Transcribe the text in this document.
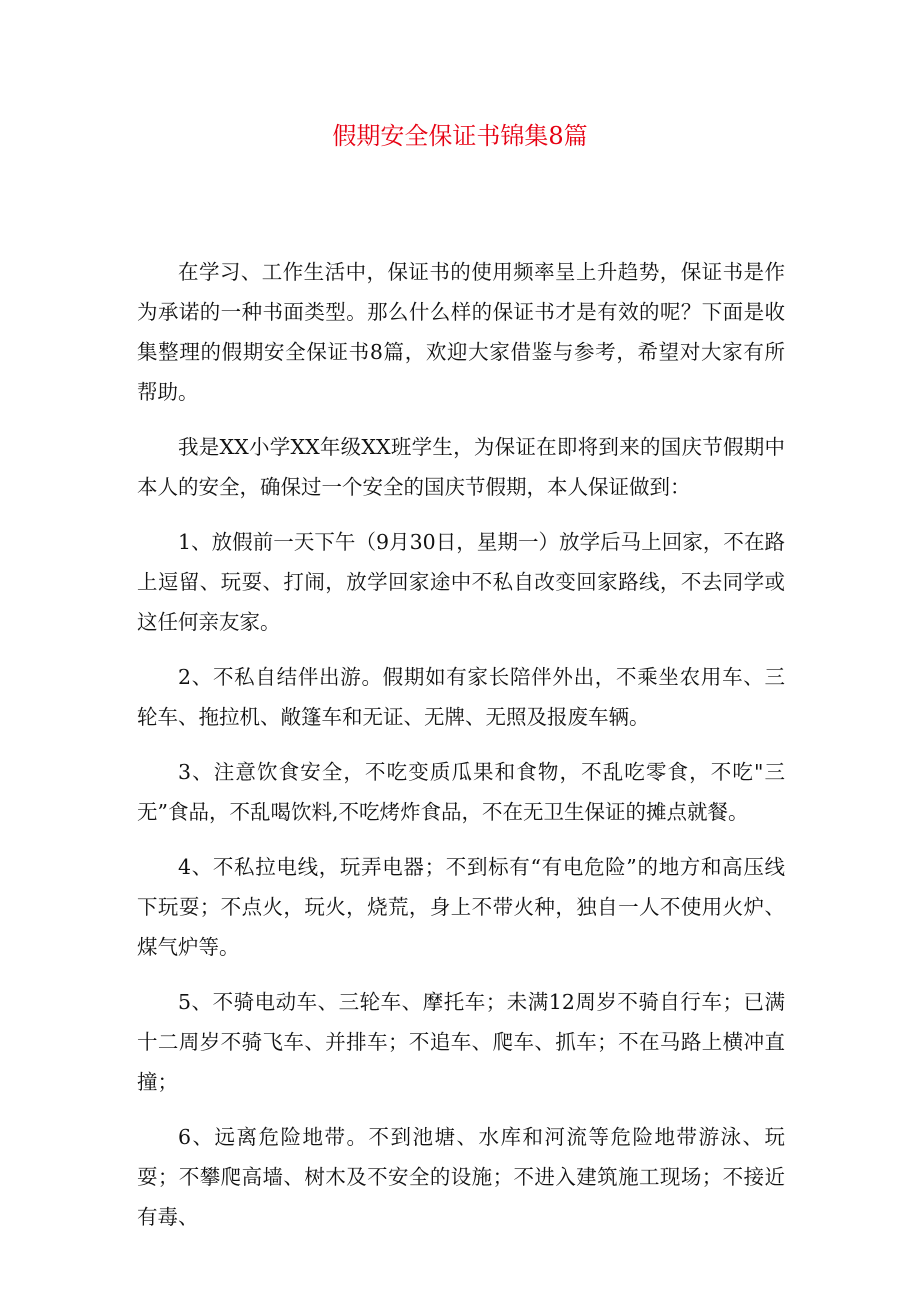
假期安全保证书锦集8篇

在学习、工作生活中，保证书的使用频率呈上升趋势，保证书是作为承诺的一种书面类型。那么什么样的保证书才是有效的呢？下面是收集整理的假期安全保证书8篇，欢迎大家借鉴与参考，希望对大家有所帮助。

我是XX小学XX年级XX班学生，为保证在即将到来的国庆节假期中本人的安全，确保过一个安全的国庆节假期，本人保证做到：

1、放假前一天下午（9月30日，星期一）放学后马上回家，不在路上逗留、玩耍、打闹，放学回家途中不私自改变回家路线，不去同学或这任何亲友家。

2、不私自结伴出游。假期如有家长陪伴外出，不乘坐农用车、三轮车、拖拉机、敞篷车和无证、无牌、无照及报废车辆。

3、注意饮食安全，不吃变质瓜果和食物，不乱吃零食，不吃"三无”食品，不乱喝饮料,不吃烤炸食品，不在无卫生保证的摊点就餐。

4、不私拉电线，玩弄电器；不到标有“有电危险”的地方和高压线下玩耍；不点火，玩火，烧荒，身上不带火种，独自一人不使用火炉、煤气炉等。

5、不骑电动车、三轮车、摩托车；未满12周岁不骑自行车；已满十二周岁不骑飞车、并排车；不追车、爬车、抓车；不在马路上横冲直撞；

6、远离危险地带。不到池塘、水库和河流等危险地带游泳、玩耍；不攀爬高墙、树木及不安全的设施；不进入建筑施工现场；不接近有毒、
